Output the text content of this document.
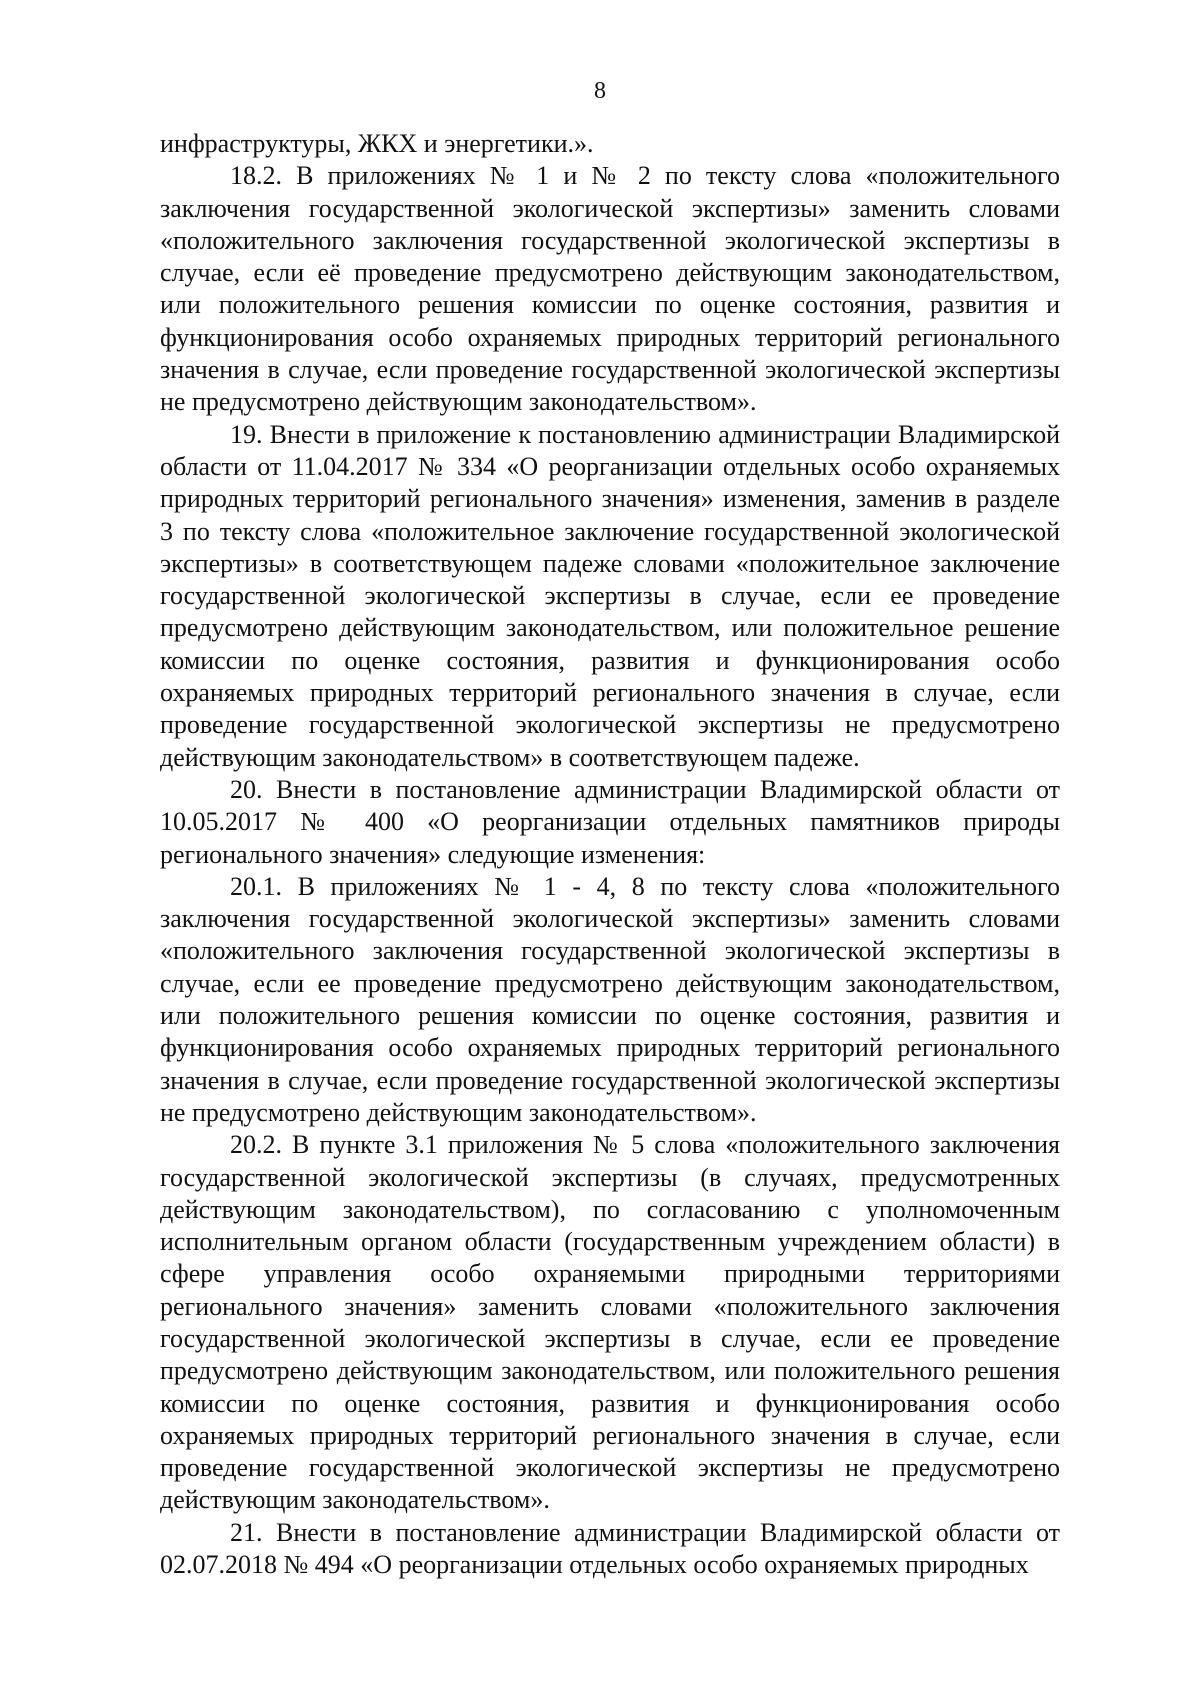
8

инфраструктуры, ЖКХ и энергетики.».

18.2. В приложениях № 1 и № 2 по тексту слова «положительного заключения государственной экологической экспертизы» заменить словами «положительного заключения государственной экологической экспертизы в случае, если её проведение предусмотрено действующим законодательством, или положительного решения комиссии по оценке состояния, развития и функционирования особо охраняемых природных территорий регионального значения в случае, если проведение государственной экологической экспертизы не предусмотрено действующим законодательством».

19. Внести в приложение к постановлению администрации Владимирской области от 11.04.2017 № 334 «О реорганизации отдельных особо охраняемых природных территорий регионального значения» изменения, заменив в разделе 3 по тексту слова «положительное заключение государственной экологической экспертизы» в соответствующем падеже словами «положительное заключение государственной экологической экспертизы в случае, если ее проведение предусмотрено действующим законодательством, или положительное решение комиссии по оценке состояния, развития и функционирования особо охраняемых природных территорий регионального значения в случае, если проведение государственной экологической экспертизы не предусмотрено действующим законодательством» в соответствующем падеже.

20. Внести в постановление администрации Владимирской области от 10.05.2017 № 400 «О реорганизации отдельных памятников природы регионального значения» следующие изменения:

20.1. В приложениях № 1 - 4, 8 по тексту слова «положительного заключения государственной экологической экспертизы» заменить словами «положительного заключения государственной экологической экспертизы в случае, если ее проведение предусмотрено действующим законодательством, или положительного решения комиссии по оценке состояния, развития и функционирования особо охраняемых природных территорий регионального значения в случае, если проведение государственной экологической экспертизы не предусмотрено действующим законодательством».

20.2. В пункте 3.1 приложения № 5 слова «положительного заключения государственной экологической экспертизы (в случаях, предусмотренных действующим законодательством), по согласованию с уполномоченным исполнительным органом области (государственным учреждением области) в сфере управления особо охраняемыми природными территориями регионального значения» заменить словами «положительного заключения государственной экологической экспертизы в случае, если ее проведение предусмотрено действующим законодательством, или положительного решения комиссии по оценке состояния, развития и функционирования особо охраняемых природных территорий регионального значения в случае, если проведение государственной экологической экспертизы не предусмотрено действующим законодательством».

21. Внести в постановление администрации Владимирской области от 02.07.2018 № 494 «О реорганизации отдельных особо охраняемых природных
